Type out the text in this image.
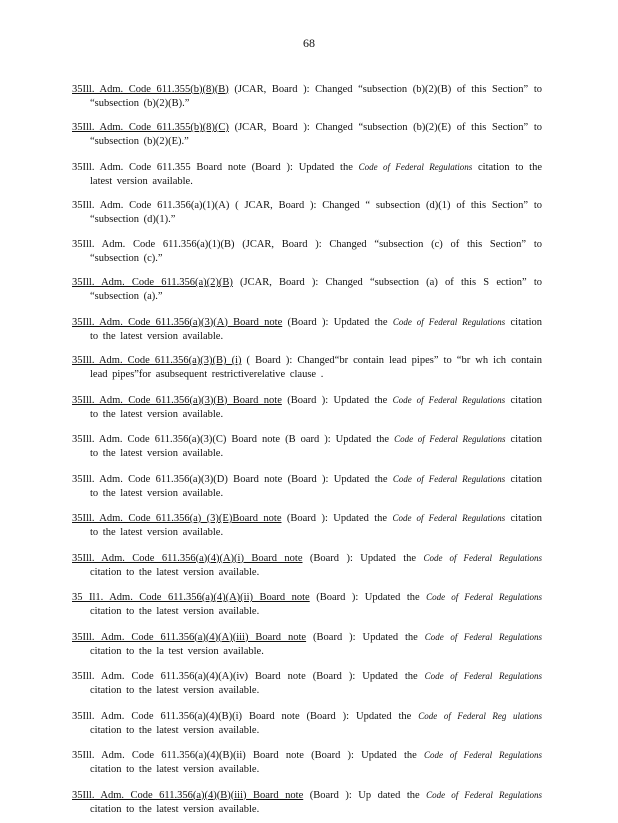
68

35Ill. Adm. Code 611.355(b)(8)(B) (JCAR, Board ): Changed “subsection (b)(2)(B) of this Section” to “subsection (b)(2)(B).”

35Ill. Adm. Code 611.355(b)(8)(C) (JCAR, Board ): Changed “subsection (b)(2)(E) of this Section” to “subsection (b)(2)(E).”

35Ill. Adm. Code 611.355 Board note (Board ): Updated the Code of Federal Regulations citation to the latest version available.

35Ill. Adm. Code 611.356(a)(1)(A) ( JCAR, Board ): Changed “ subsection (d)(1) of this Section” to “subsection (d)(1).”

35Ill. Adm. Code 611.356(a)(1)(B) (JCAR, Board ): Changed “subsection (c) of this Section” to “subsection (c).”

35Ill. Adm. Code 611.356(a)(2)(B) (JCAR, Board ): Changed “subsection (a) of this S ection” to “subsection (a).”

35Ill. Adm. Code 611.356(a)(3)(A) Board note (Board ): Updated the Code of Federal Regulations citation to the latest version available.

35Ill. Adm. Code 611.356(a)(3)(B) (i) ( Board ): Changed“br contain lead pipes” to “br wh ich contain lead pipes”for asubsequent restrictiverelative clause .

35Ill. Adm. Code 611.356(a)(3)(B) Board note (Board ): Updated the Code of Federal Regulations citation to the latest version available.

35Ill. Adm. Code 611.356(a)(3)(C) Board note (B oard ): Updated the Code of Federal Regulations citation to the latest version available.

35Ill. Adm. Code 611.356(a)(3)(D) Board note (Board ): Updated the Code of Federal Regulations citation to the latest version available.

35Ill. Adm. Code 611.356(a) (3)(E)Board note (Board ): Updated the Code of Federal Regulations citation to the latest version available.

35Ill. Adm. Code 611.356(a)(4)(A)(i) Board note (Board ): Updated the Code of Federal Regulations citation to the latest version available.

35 Il1. Adm. Code 611.356(a)(4)(A)(ii) Board note (Board ): Updated the Code of Federal Regulations citation to the latest version available.

35Ill. Adm. Code 611.356(a)(4)(A)(iii) Board note (Board ): Updated the Code of Federal Regulations citation to the la test version available.

35Ill. Adm. Code 611.356(a)(4)(A)(iv) Board note (Board ): Updated the Code of Federal Regulations citation to the latest version available.

35Ill. Adm. Code 611.356(a)(4)(B)(i) Board note (Board ): Updated the Code of Federal Reg ulations citation to the latest version available.

35Ill. Adm. Code 611.356(a)(4)(B)(ii) Board note (Board ): Updated the Code of Federal Regulations citation to the latest version available.

35Ill. Adm. Code 611.356(a)(4)(B)(iii) Board note (Board ): Up dated the Code of Federal Regulations citation to the latest version available.
